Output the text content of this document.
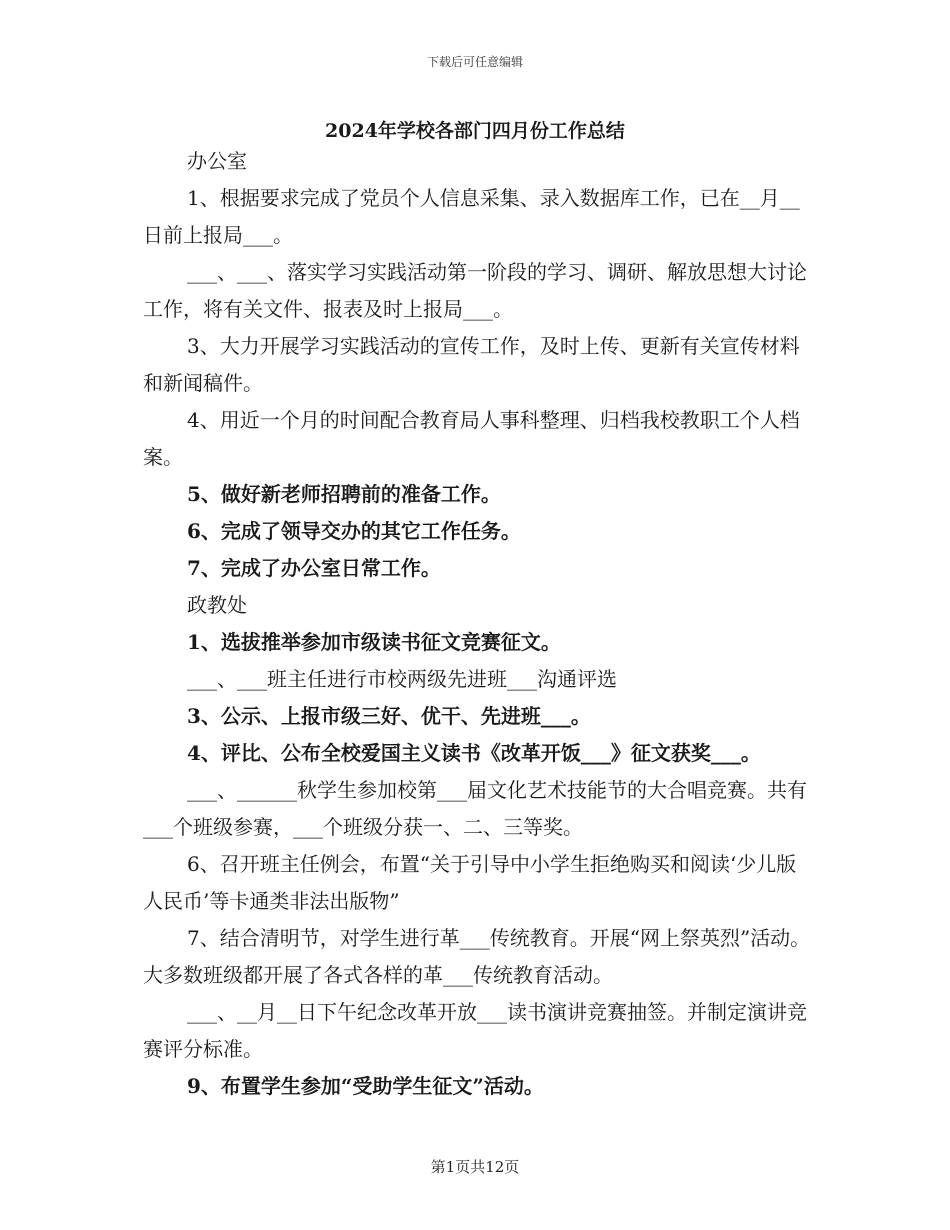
下载后可任意编辑
2024年学校各部门四月份工作总结

办公室

1、根据要求完成了党员个人信息采集、录入数据库工作，已在__月__日前上报局___。

___、___、落实学习实践活动第一阶段的学习、调研、解放思想大讨论工作，将有关文件、报表及时上报局___。

3、大力开展学习实践活动的宣传工作，及时上传、更新有关宣传材料和新闻稿件。

4、用近一个月的时间配合教育局人事科整理、归档我校教职工个人档案。

5、做好新老师招聘前的准备工作。

6、完成了领导交办的其它工作任务。

7、完成了办公室日常工作。

政教处

1、选拔推举参加市级读书征文竞赛征文。

___、___班主任进行市校两级先进班___沟通评选

3、公示、上报市级三好、优干、先进班___。

4、评比、公布全校爱国主义读书《改革开饭___》征文获奖___。

___、______秋学生参加校第___届文化艺术技能节的大合唱竞赛。共有___个班级参赛，___个班级分获一、二、三等奖。

6、召开班主任例会，布置“关于引导中小学生拒绝购买和阅读‘少儿版人民币’等卡通类非法出版物”

7、结合清明节，对学生进行革___传统教育。开展“网上祭英烈”活动。大多数班级都开展了各式各样的革___传统教育活动。

___、__月__日下午纪念改革开放___读书演讲竞赛抽签。并制定演讲竞赛评分标准。

9、布置学生参加“受助学生征文”活动。

第1页共12页
